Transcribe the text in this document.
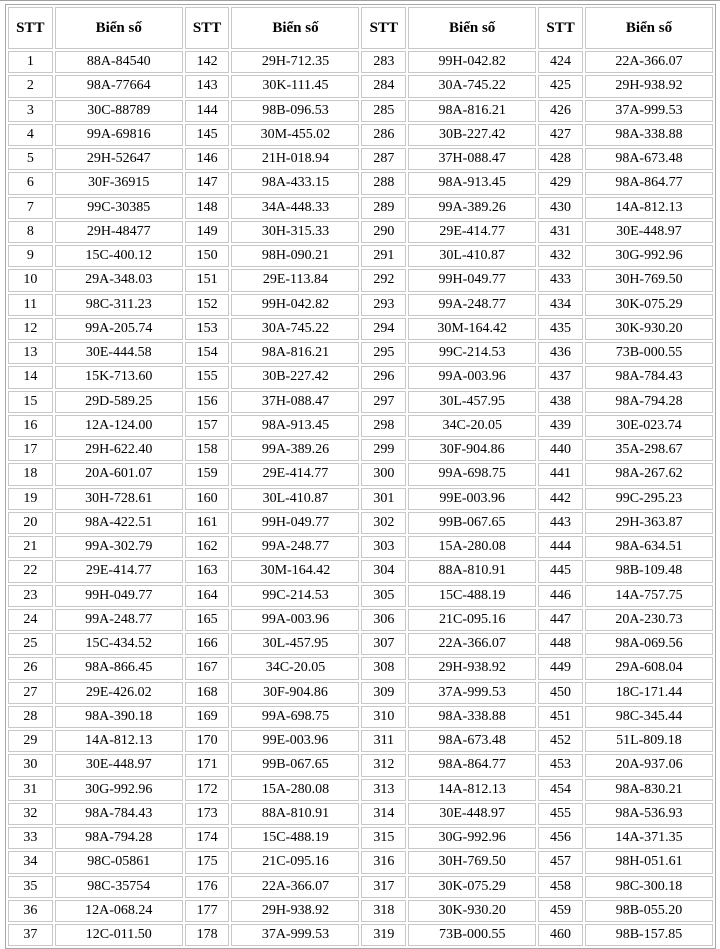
STT	Biển số	STT	Biển số	STT	Biển số	STT	Biển số
1	88A-84540	142	29H-712.35	283	99H-042.82	424	22A-366.07
2	98A-77664	143	30K-111.45	284	30A-745.22	425	29H-938.92
3	30C-88789	144	98B-096.53	285	98A-816.21	426	37A-999.53
4	99A-69816	145	30M-455.02	286	30B-227.42	427	98A-338.88
5	29H-52647	146	21H-018.94	287	37H-088.47	428	98A-673.48
6	30F-36915	147	98A-433.15	288	98A-913.45	429	98A-864.77
7	99C-30385	148	34A-448.33	289	99A-389.26	430	14A-812.13
8	29H-48477	149	30H-315.33	290	29E-414.77	431	30E-448.97
9	15C-400.12	150	98H-090.21	291	30L-410.87	432	30G-992.96
10	29A-348.03	151	29E-113.84	292	99H-049.77	433	30H-769.50
11	98C-311.23	152	99H-042.82	293	99A-248.77	434	30K-075.29
12	99A-205.74	153	30A-745.22	294	30M-164.42	435	30K-930.20
13	30E-444.58	154	98A-816.21	295	99C-214.53	436	73B-000.55
14	15K-713.60	155	30B-227.42	296	99A-003.96	437	98A-784.43
15	29D-589.25	156	37H-088.47	297	30L-457.95	438	98A-794.28
16	12A-124.00	157	98A-913.45	298	34C-20.05	439	30E-023.74
17	29H-622.40	158	99A-389.26	299	30F-904.86	440	35A-298.67
18	20A-601.07	159	29E-414.77	300	99A-698.75	441	98A-267.62
19	30H-728.61	160	30L-410.87	301	99E-003.96	442	99C-295.23
20	98A-422.51	161	99H-049.77	302	99B-067.65	443	29H-363.87
21	99A-302.79	162	99A-248.77	303	15A-280.08	444	98A-634.51
22	29E-414.77	163	30M-164.42	304	88A-810.91	445	98B-109.48
23	99H-049.77	164	99C-214.53	305	15C-488.19	446	14A-757.75
24	99A-248.77	165	99A-003.96	306	21C-095.16	447	20A-230.73
25	15C-434.52	166	30L-457.95	307	22A-366.07	448	98A-069.56
26	98A-866.45	167	34C-20.05	308	29H-938.92	449	29A-608.04
27	29E-426.02	168	30F-904.86	309	37A-999.53	450	18C-171.44
28	98A-390.18	169	99A-698.75	310	98A-338.88	451	98C-345.44
29	14A-812.13	170	99E-003.96	311	98A-673.48	452	51L-809.18
30	30E-448.97	171	99B-067.65	312	98A-864.77	453	20A-937.06
31	30G-992.96	172	15A-280.08	313	14A-812.13	454	98A-830.21
32	98A-784.43	173	88A-810.91	314	30E-448.97	455	98A-536.93
33	98A-794.28	174	15C-488.19	315	30G-992.96	456	14A-371.35
34	98C-05861	175	21C-095.16	316	30H-769.50	457	98H-051.61
35	98C-35754	176	22A-366.07	317	30K-075.29	458	98C-300.18
36	12A-068.24	177	29H-938.92	318	30K-930.20	459	98B-055.20
37	12C-011.50	178	37A-999.53	319	73B-000.55	460	98B-157.85
